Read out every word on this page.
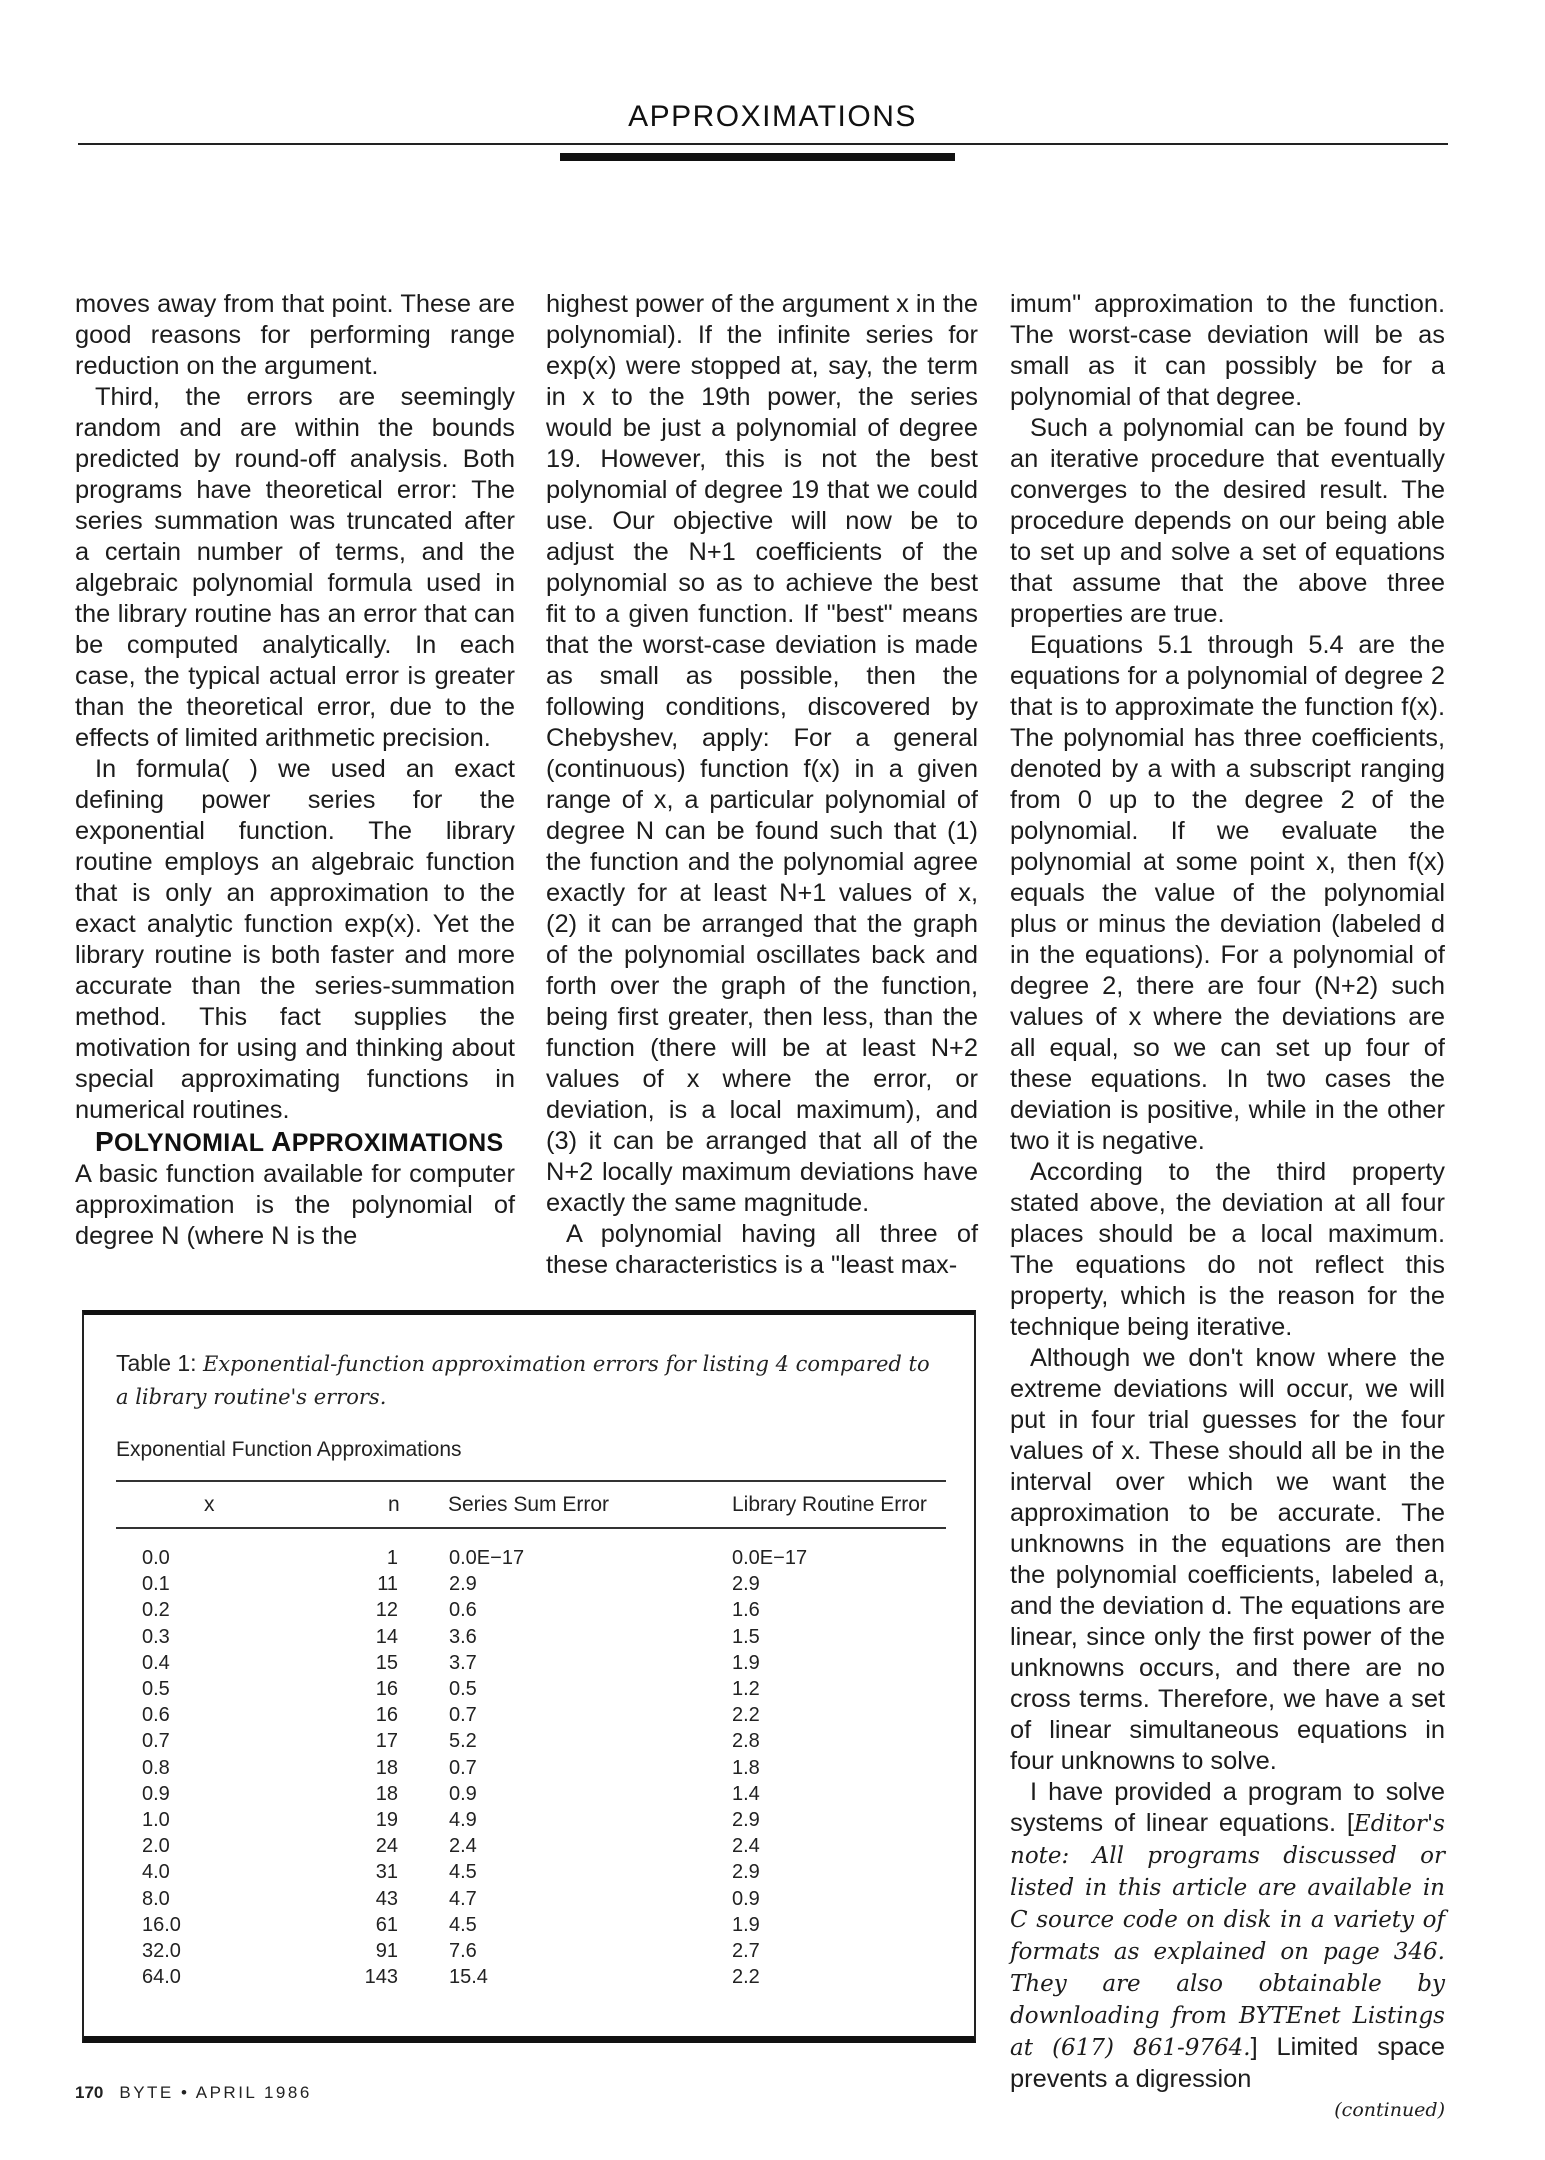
APPROXIMATIONS

moves away from that point. These are good reasons for performing range reduction on the argument.

Third, the errors are seemingly random and are within the bounds predicted by round-off analysis. Both programs have theoretical error: The series summation was truncated after a certain number of terms, and the algebraic polynomial formula used in the library routine has an error that can be computed analytically. In each case, the typical actual error is greater than the theoretical error, due to the effects of limited arithmetic precision.

In formula( ) we used an exact defining power series for the exponential function. The library routine employs an algebraic function that is only an approximation to the exact analytic function exp(x). Yet the library routine is both faster and more accurate than the series-summation method. This fact supplies the motivation for using and thinking about special approximating functions in numerical routines.

POLYNOMIAL APPROXIMATIONS

A basic function available for computer approximation is the polynomial of degree N (where N is the

highest power of the argument x in the polynomial). If the infinite series for exp(x) were stopped at, say, the term in x to the 19th power, the series would be just a polynomial of degree 19. However, this is not the best polynomial of degree 19 that we could use. Our objective will now be to adjust the N+1 coefficients of the polynomial so as to achieve the best fit to a given function. If "best" means that the worst-case deviation is made as small as possible, then the following conditions, discovered by Chebyshev, apply: For a general (continuous) function f(x) in a given range of x, a particular polynomial of degree N can be found such that (1) the function and the polynomial agree exactly for at least N+1 values of x, (2) it can be arranged that the graph of the polynomial oscillates back and forth over the graph of the function, being first greater, then less, than the function (there will be at least N+2 values of x where the error, or deviation, is a local maximum), and (3) it can be arranged that all of the N+2 locally maximum deviations have exactly the same magnitude.

A polynomial having all three of these characteristics is a "least max-

imum" approximation to the function. The worst-case deviation will be as small as it can possibly be for a polynomial of that degree.

Such a polynomial can be found by an iterative procedure that eventually converges to the desired result. The procedure depends on our being able to set up and solve a set of equations that assume that the above three properties are true.

Equations 5.1 through 5.4 are the equations for a polynomial of degree 2 that is to approximate the function f(x). The polynomial has three coefficients, denoted by a with a subscript ranging from 0 up to the degree 2 of the polynomial. If we evaluate the polynomial at some point x, then f(x) equals the value of the polynomial plus or minus the deviation (labeled d in the equations). For a polynomial of degree 2, there are four (N+2) such values of x where the deviations are all equal, so we can set up four of these equations. In two cases the deviation is positive, while in the other two it is negative.

According to the third property stated above, the deviation at all four places should be a local maximum. The equations do not reflect this property, which is the reason for the technique being iterative.

Although we don't know where the extreme deviations will occur, we will put in four trial guesses for the four values of x. These should all be in the interval over which we want the approximation to be accurate. The unknowns in the equations are then the polynomial coefficients, labeled a, and the deviation d. The equations are linear, since only the first power of the unknowns occurs, and there are no cross terms. Therefore, we have a set of linear simultaneous equations in four unknowns to solve.

I have provided a program to solve systems of linear equations. [Editor's note: All programs discussed or listed in this article are available in C source code on disk in a variety of formats as explained on page 346. They are also obtainable by downloading from BYTEnet Listings at (617) 861-9764.] Limited space prevents a digression

(continued)
Table 1: Exponential-function approximation errors for listing 4 compared to a library routine's errors.
Exponential Function Approximations
x	n Series Sum Error	Library Routine Error
0.0	1	0.0E−17	0.0E−17
0.1	11	2.9	2.9
0.2	12	0.6	1.6
0.3	14	3.6	1.5
0.4	15	3.7	1.9
0.5	16	0.5	1.2
0.6	16	0.7	2.2
0.7	17	5.2	2.8
0.8	18	0.7	1.8
0.9	18	0.9	1.4
1.0	19	4.9	2.9
2.0	24	2.4	2.4
4.0	31	4.5	2.9
8.0	43	4.7	0.9
16.0	61	4.5	1.9
32.0	91	7.6	2.7
64.0	143	15.4	2.2
170 BYTE • APRIL 1986
